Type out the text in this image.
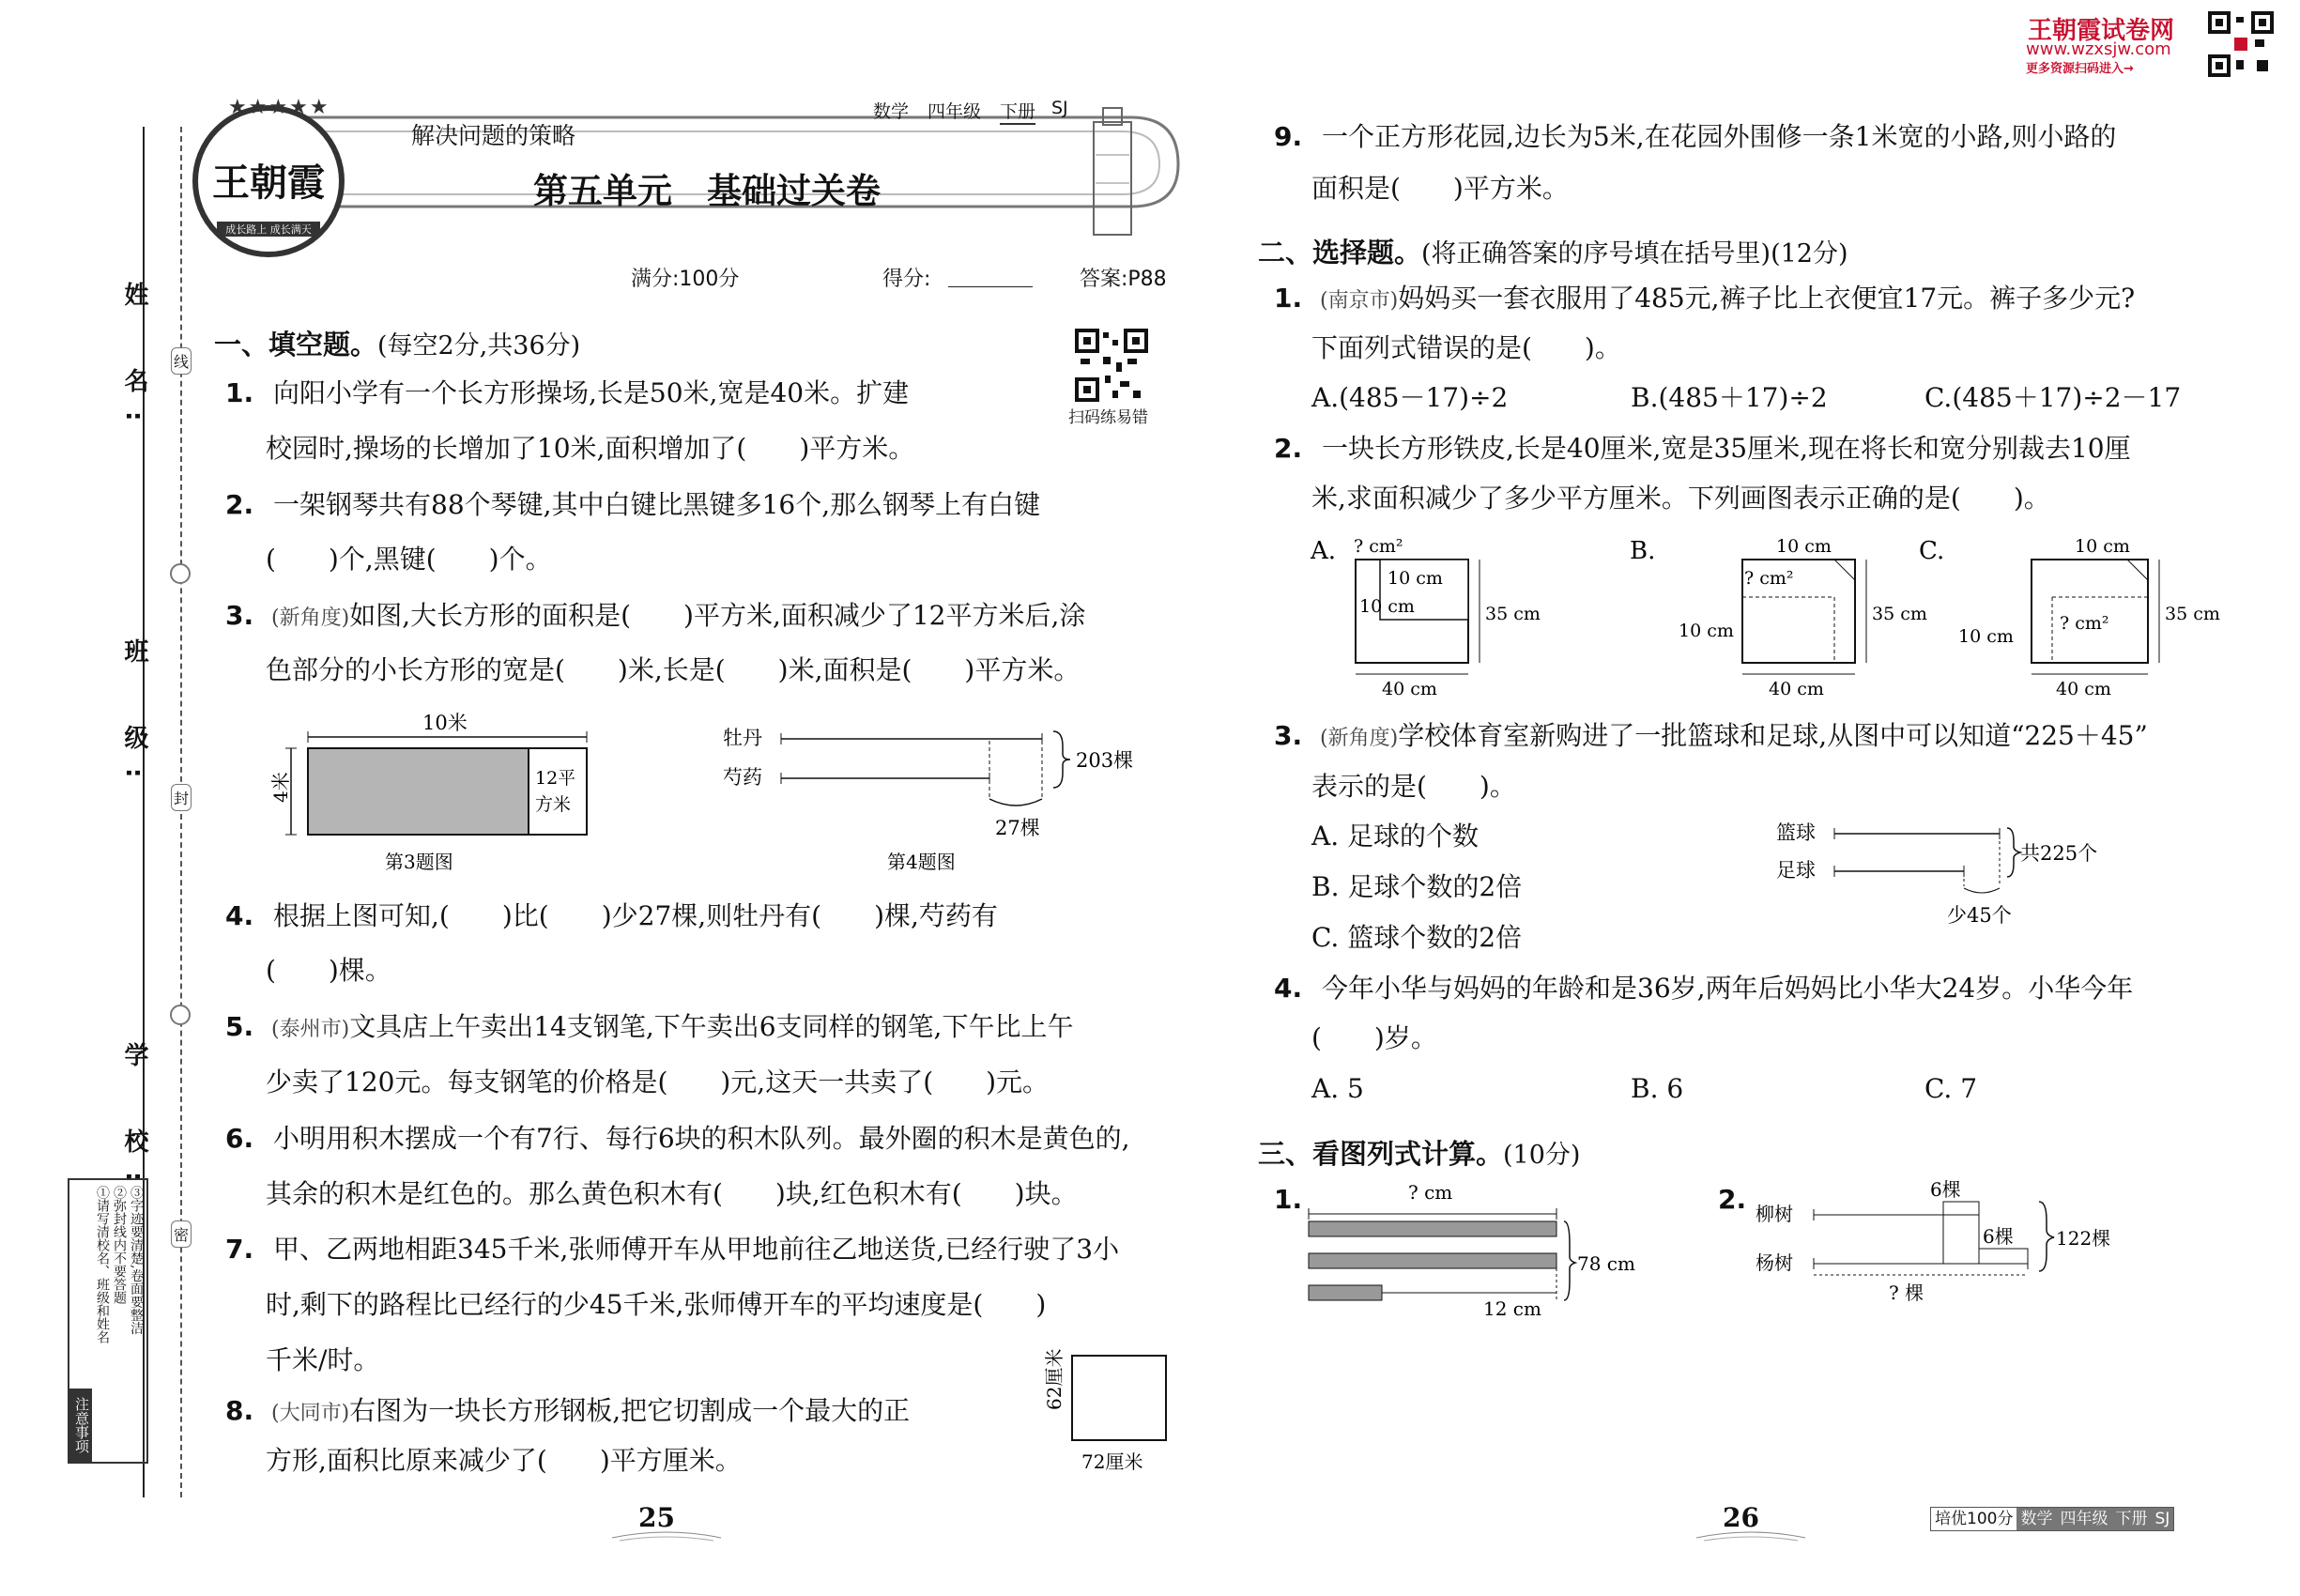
姓　名:
班　级:
学　校:
线
封
密
注意事项
①请写清校名、班级和姓名 ②弥封线内不要答题 ③字迹要清楚,卷面要整洁
王朝霞
成长路上 成长满天
★★★★★
解决问题的策略
数学 四年级 下册 SJ
第五单元　基础过关卷
满分:100分	得分:	答案:P88
扫码练易错
王朝霞试卷网
www.wzxsjw.com
更多资源扫码进入→
一、填空题。(每空2分,共36分)
1. 向阳小学有一个长方形操场,长是50米,宽是40米。扩建
校园时,操场的长增加了10米,面积增加了(　　)平方米。
2. 一架钢琴共有88个琴键,其中白键比黑键多16个,那么钢琴上有白键
(　　)个,黑键(　　)个。
3. (新角度)如图,大长方形的面积是(　　)平方米,面积减少了12平方米后,涂
色部分的小长方形的宽是(　　)米,长是(　　)米,面积是(　　)平方米。
10米
4米	12平
方米
第3题图
牡丹
芍药
203棵
27棵
第4题图
4. 根据上图可知,(　　)比(　　)少27棵,则牡丹有(　　)棵,芍药有
(　　)棵。
5. (泰州市)文具店上午卖出14支钢笔,下午卖出6支同样的钢笔,下午比上午
少卖了120元。每支钢笔的价格是(　　)元,这天一共卖了(　　)元。
6. 小明用积木摆成一个有7行、每行6块的积木队列。最外圈的积木是黄色的,
其余的积木是红色的。那么黄色积木有(　　)块,红色积木有(　　)块。
7. 甲、乙两地相距345千米,张师傅开车从甲地前往乙地送货,已经行驶了3小
时,剩下的路程比已经行的少45千米,张师傅开车的平均速度是(　　)
千米/时。
8. (大同市)右图为一块长方形钢板,把它切割成一个最大的正
方形,面积比原来减少了(　　)平方厘米。
62厘米
72厘米
9. 一个正方形花园,边长为5米,在花园外围修一条1米宽的小路,则小路的
面积是(　　)平方米。
二、选择题。(将正确答案的序号填在括号里)(12分)
1. (南京市)妈妈买一套衣服用了485元,裤子比上衣便宜17元。裤子多少元?
下面列式错误的是(　　)。
A.(485－17)÷2	B.(485＋17)÷2	C.(485＋17)÷2－17
2. 一块长方形铁皮,长是40厘米,宽是35厘米,现在将长和宽分别裁去10厘
米,求面积减少了多少平方厘米。下列画图表示正确的是(　　)。
A. ? cm²
10 cm
10 cm	35 cm
40 cm
B.
? cm²
10 cm
10 cm
35 cm
40 cm
C.
? cm²
10 cm
10 cm
35 cm
40 cm
3. (新角度)学校体育室新购进了一批篮球和足球,从图中可以知道“225＋45”
表示的是(　　)。
A. 足球的个数
B. 足球个数的2倍
C. 篮球个数的2倍
篮球
足球
共225个
少45个
4. 今年小华与妈妈的年龄和是36岁,两年后妈妈比小华大24岁。小华今年
(　　)岁。
A. 5	B. 6	C. 7
三、看图列式计算。(10分)
1.	? cm
78 cm
12 cm
2.	6棵
柳树
杨树
6棵 122棵
? 棵
25	26	培优100分 数学 四年级 下册 SJ
